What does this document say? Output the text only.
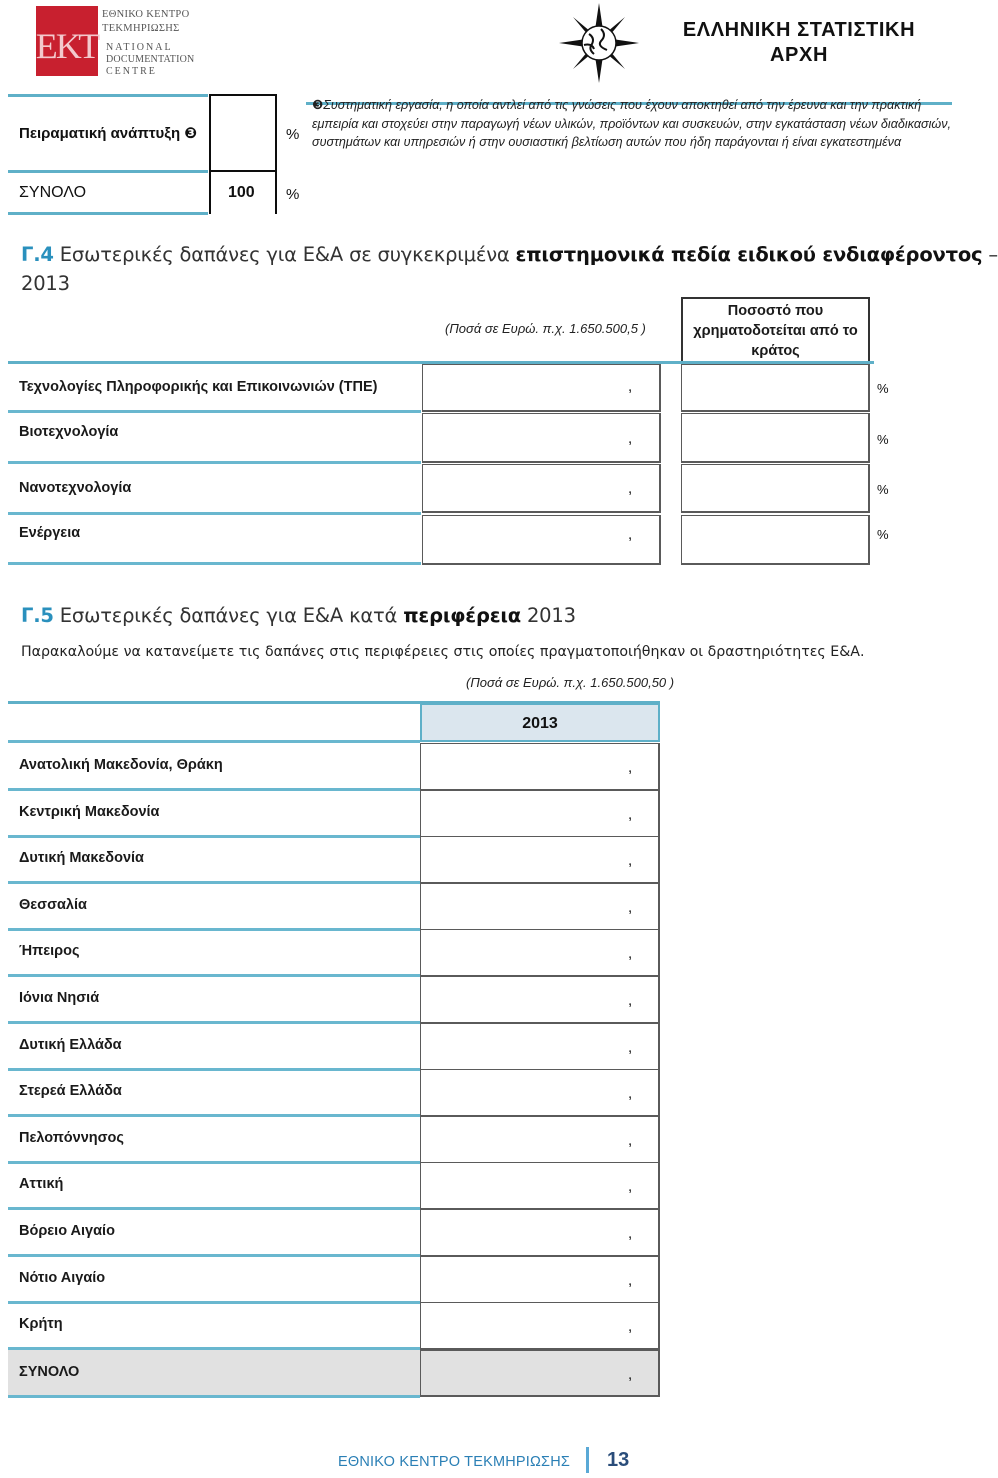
ΕΚΤ
ΕΘΝΙΚΟ ΚΕΝΤΡΟ
ΤΕΚΜΗΡΙΩΣΗΣ
NATIONAL
DOCUMENTATION
CENTRE
ΕΛΛΗΝΙΚΗ ΣΤΑΤΙΣΤΙΚΗ
ΑΡΧΗ
Πειραματική ανάπτυξη ❸	%
❸Συστηματική εργασία, η οποία αντλεί από τις γνώσεις που έχουν αποκτηθεί από την έρευνα και την πρακτική εμπειρία και στοχεύει στην παραγωγή νέων υλικών, προϊόντων και συσκευών, στην εγκατάσταση νέων διαδικασιών, συστημάτων και υπηρεσιών ή στην ουσιαστική βελτίωση αυτών που ήδη παράγονται ή είναι εγκατεστημένα
ΣΥΝΟΛΟ	100 %
Γ.4 Εσωτερικές δαπάνες για Ε&Α σε συγκεκριμένα επιστημονικά πεδία ειδικού ενδιαφέροντος –
2013
(Ποσά σε Ευρώ. π.χ. 1.650.500,5 )
Ποσοστό που χρηματοδοτείται από το κράτος
Τεχνολογίες Πληροφορικής και Επικοινωνιών (ΤΠΕ)	,	%
Βιοτεχνολογία	,	%
Νανοτεχνολογία	,	%
Ενέργεια	,	%
Γ.5 Εσωτερικές δαπάνες για Ε&Α κατά περιφέρεια 2013
Παρακαλούμε να κατανείμετε τις δαπάνες στις περιφέρειες στις οποίες πραγματοποιήθηκαν οι δραστηριότητες Ε&Α.
(Ποσά σε Ευρώ. π.χ. 1.650.500,50 )
2013
Ανατολική Μακεδονία, Θράκη	,
Κεντρική Μακεδονία	,
Δυτική Μακεδονία	,
Θεσσαλία	,
Ήπειρος	,
Ιόνια Νησιά	,
Δυτική Ελλάδα	,
Στερεά Ελλάδα	,
Πελοπόννησος	,
Αττική	,
Βόρειο Αιγαίο	,
Νότιο Αιγαίο	,
Κρήτη	,
ΣΥΝΟΛΟ	,
ΕΘΝΙΚΟ ΚΕΝΤΡΟ ΤΕΚΜΗΡΙΩΣΗΣ 13
